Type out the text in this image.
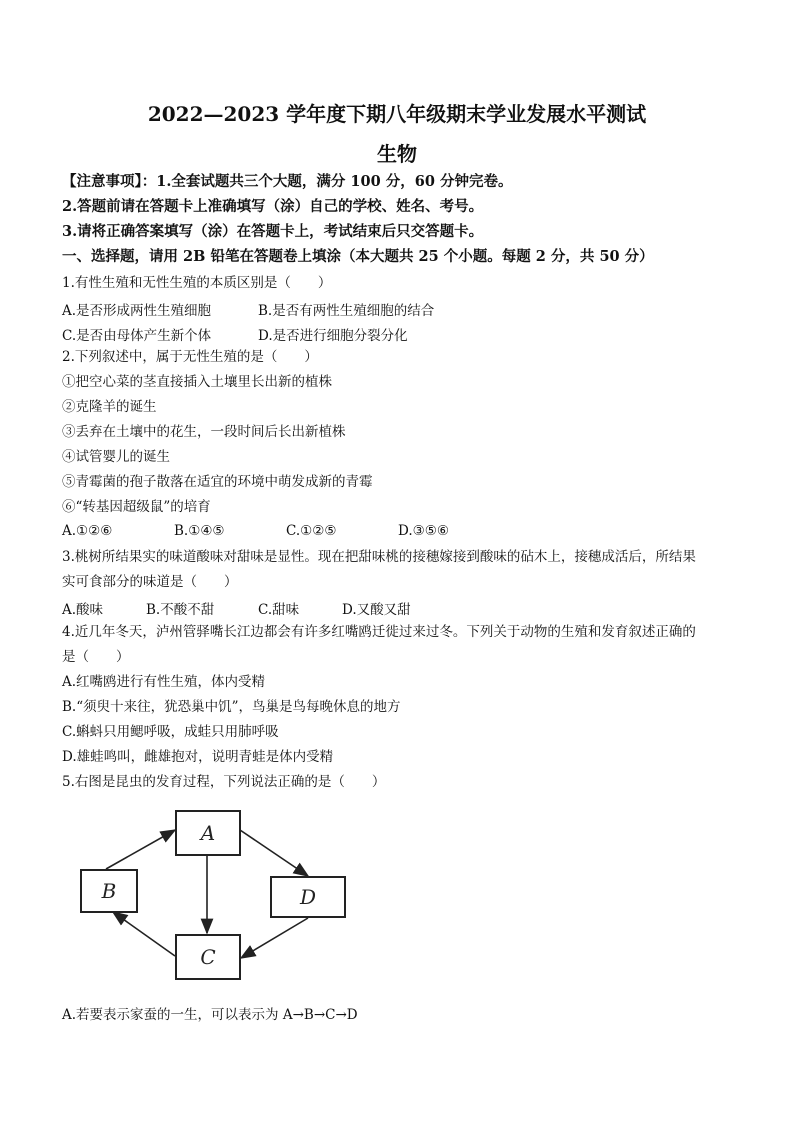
2022—2023 学年度下期八年级期末学业发展水平测试
生物
【注意事项】：1.全套试题共三个大题，满分 100 分，60 分钟完卷。
2.答题前请在答题卡上准确填写（涂）自己的学校、姓名、考号。
3.请将正确答案填写（涂）在答题卡上，考试结束后只交答题卡。
一、选择题，请用 2B 铅笔在答题卷上填涂（本大题共 25 个小题。每题 2 分，共 50 分）
1.有性生殖和无性生殖的本质区别是（　　）
A.是否形成两性生殖细胞	B.是否有两性生殖细胞的结合
C.是否由母体产生新个体	D.是否进行细胞分裂分化
2.下列叙述中，属于无性生殖的是（　　）
①把空心菜的茎直接插入土壤里长出新的植株
②克隆羊的诞生
③丢弃在土壤中的花生，一段时间后长出新植株
④试管婴儿的诞生
⑤青霉菌的孢子散落在适宜的环境中萌发成新的青霉
⑥“转基因超级鼠”的培育
A.①②⑥	B.①④⑤	C.①②⑤	D.③⑤⑥
3.桃树所结果实的味道酸味对甜味是显性。现在把甜味桃的接穗嫁接到酸味的砧木上，接穗成活后，所结果
实可食部分的味道是（　　）
A.酸味	B.不酸不甜	C.甜味	D.又酸又甜
4.近几年冬天，泸州管驿嘴长江边都会有许多红嘴鸥迁徙过来过冬。下列关于动物的生殖和发育叙述正确的
是（　　）
A.红嘴鸥进行有性生殖，体内受精
B.“须臾十来往，犹恐巢中饥”，鸟巢是鸟每晚休息的地方
C.蝌蚪只用鳃呼吸，成蛙只用肺呼吸
D.雄蛙鸣叫，雌雄抱对，说明青蛙是体内受精
5.右图是昆虫的发育过程，下列说法正确的是（　　）
A
B	D
C
A.若要表示家蚕的一生，可以表示为 A→B→C→D
